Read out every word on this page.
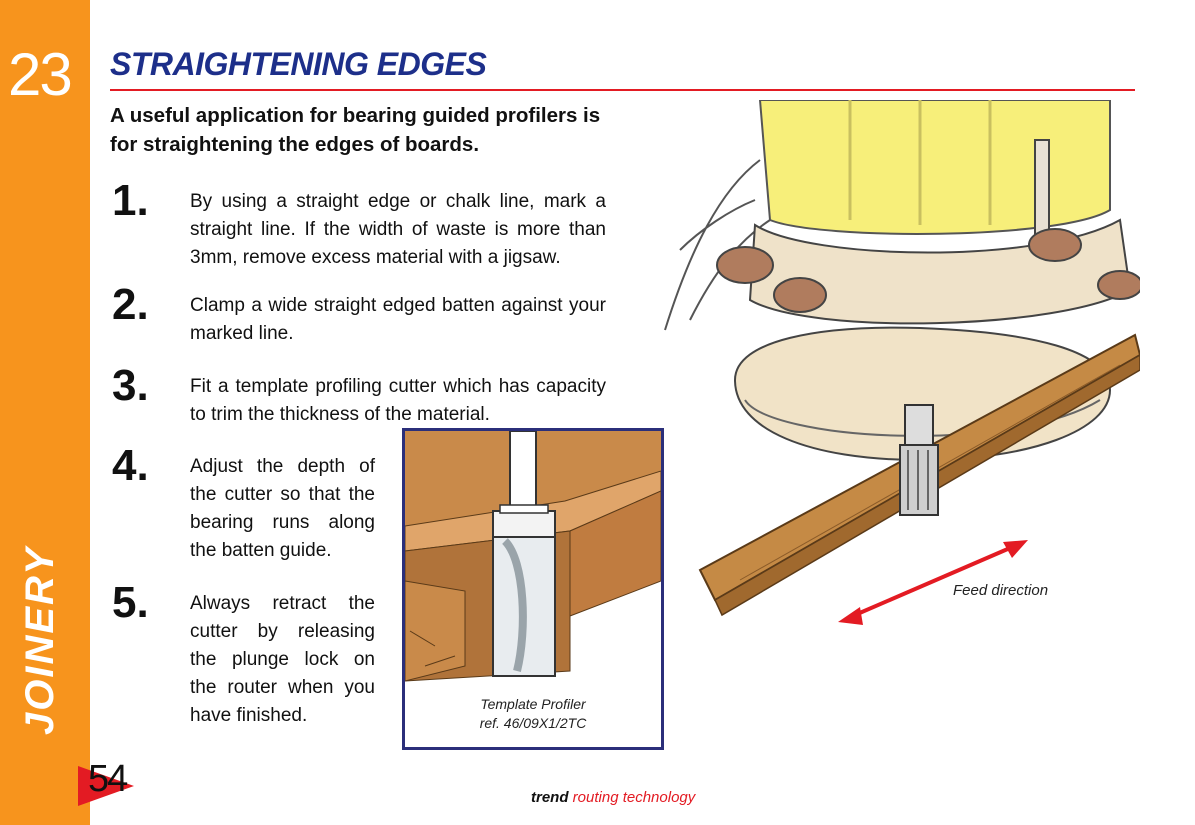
23
JOINERY
STRAIGHTENING EDGES
A useful application for bearing guided profilers is for straightening the edges of boards.
1. By using a straight edge or chalk line, mark a straight line. If the width of waste is more than 3mm, remove excess material with a jigsaw.
2. Clamp a wide straight edged batten against your marked line.
3. Fit a template profiling cutter which has capacity to trim the thickness of the material.
4. Adjust the depth of the cutter so that the bearing runs along the batten guide.
5. Always retract the cutter by releasing the plunge lock on the router when you have finished.
Feed direction
Template Profiler
ref. 46/09X1/2TC
54	trend routing technology
